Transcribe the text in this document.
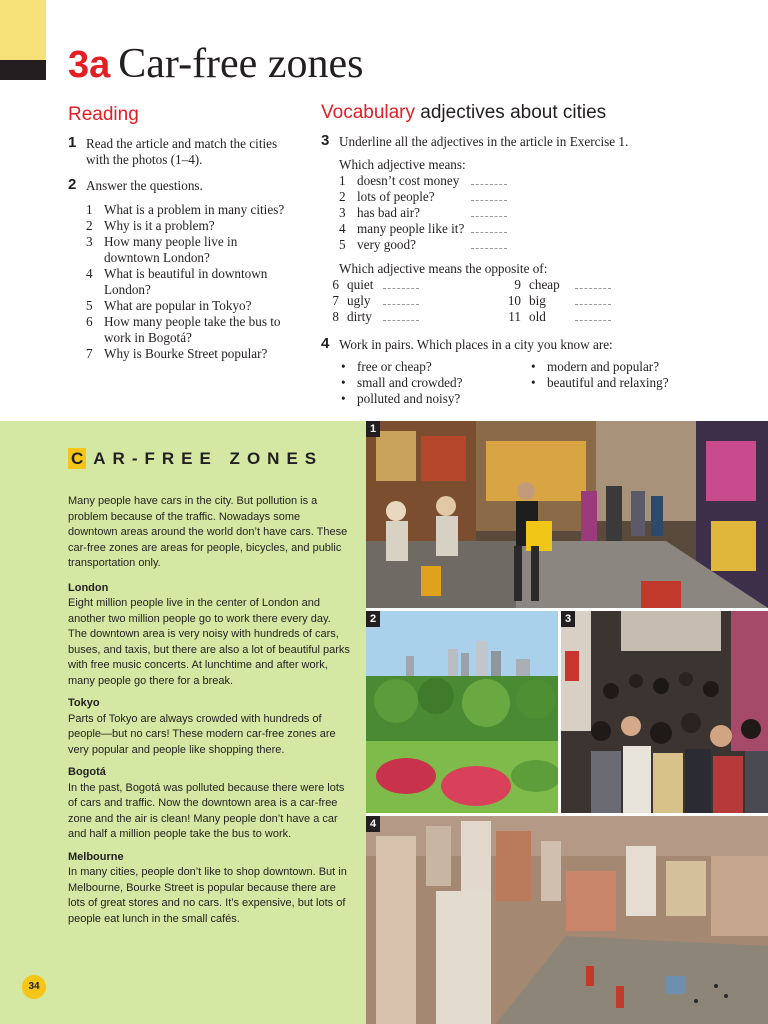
3a Car-free zones
Reading
1 Read the article and match the cities with the photos (1–4).
2 Answer the questions.
1 What is a problem in many cities?
2 Why is it a problem?
3 How many people live in downtown London?
4 What is beautiful in downtown London?
5 What are popular in Tokyo?
6 How many people take the bus to work in Bogotá?
7 Why is Bourke Street popular?
Vocabulary adjectives about cities
3 Underline all the adjectives in the article in Exercise 1.
Which adjective means:
1 doesn’t cost money
2 lots of people?
3 has bad air?
4 many people like it?
5 very good?
Which adjective means the opposite of:
6 quiet
7 ugly
8 dirty
9 cheap
10 big
11 old
4 Work in pairs. Which places in a city you know are:
• free or cheap?
• small and crowded?
• polluted and noisy?
• modern and popular?
• beautiful and relaxing?
C AR-FREE ZONES

Many people have cars in the city. But pollution is a problem because of the traffic. Nowadays some downtown areas around the world don’t have cars. These car-free zones are areas for people, bicycles, and public transportation only.

London

Eight million people live in the center of London and another two million people go to work there every day. The downtown area is very noisy with hundreds of cars, buses, and taxis, but there are also a lot of beautiful parks with free music concerts. At lunchtime and after work, many people go there for a break.

Tokyo

Parts of Tokyo are always crowded with hundreds of people—but no cars! These modern car-free zones are very popular and people like shopping there.

Bogotá

In the past, Bogotá was polluted because there were lots of cars and traffic. Now the downtown area is a car-free zone and the air is clean! Many people don’t have a car and half a million people take the bus to work.

Melbourne

In many cities, people don’t like to shop downtown. But in Melbourne, Bourke Street is popular because there are lots of great stores and no cars. It’s expensive, but lots of people eat lunch in the small cafés.

1
2	3
4
34
